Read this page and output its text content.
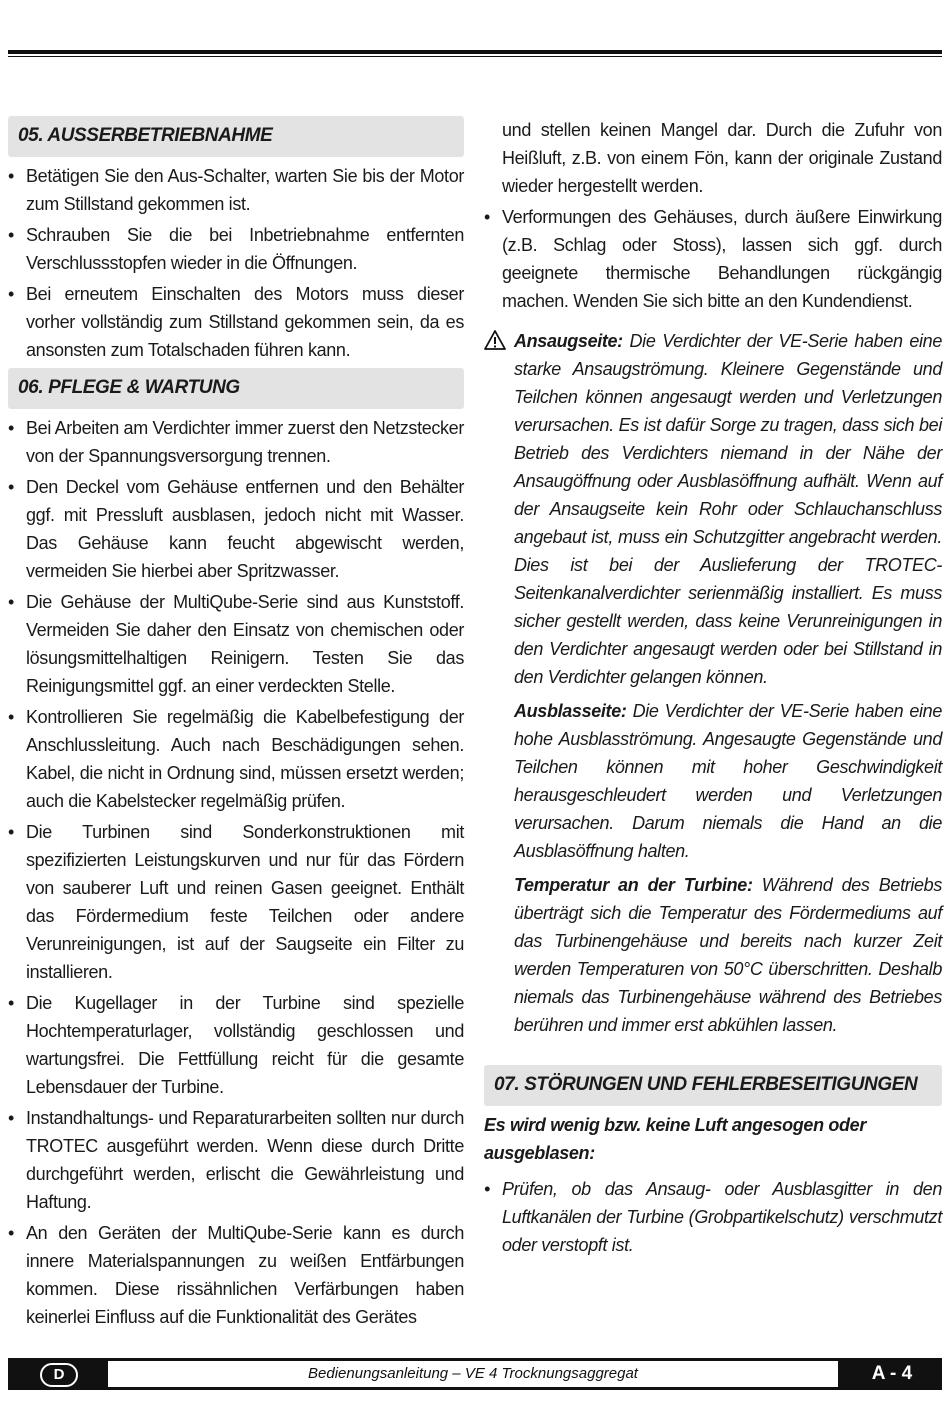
05. AUSSERBETRIEBNAHME
• Betätigen Sie den Aus-Schalter, warten Sie bis der Motor zum Stillstand gekommen ist.
• Schrauben Sie die bei Inbetriebnahme entfernten Verschlussstopfen wieder in die Öffnungen.
• Bei erneutem Einschalten des Motors muss dieser vorher vollständig zum Stillstand gekommen sein, da es ansonsten zum Totalschaden führen kann.
06. PFLEGE & WARTUNG
• Bei Arbeiten am Verdichter immer zuerst den Netzstecker von der Spannungsversorgung trennen.
• Den Deckel vom Gehäuse entfernen und den Behälter ggf. mit Pressluft ausblasen, jedoch nicht mit Wasser. Das Gehäuse kann feucht abgewischt werden, vermeiden Sie hierbei aber Spritzwasser.
• Die Gehäuse der MultiQube-Serie sind aus Kunststoff. Vermeiden Sie daher den Einsatz von chemischen oder lösungsmittelhaltigen Reinigern. Testen Sie das Reinigungsmittel ggf. an einer verdeckten Stelle.
• Kontrollieren Sie regelmäßig die Kabelbefestigung der Anschlussleitung. Auch nach Beschädigungen sehen. Kabel, die nicht in Ordnung sind, müssen ersetzt werden; auch die Kabelstecker regelmäßig prüfen.
• Die Turbinen sind Sonderkonstruktionen mit spezifizierten Leistungskurven und nur für das Fördern von sauberer Luft und reinen Gasen geeignet. Enthält das Fördermedium feste Teilchen oder andere Verunreinigungen, ist auf der Saugseite ein Filter zu installieren.
• Die Kugellager in der Turbine sind spezielle Hochtemperaturlager, vollständig geschlossen und wartungsfrei. Die Fettfüllung reicht für die gesamte Lebensdauer der Turbine.
• Instandhaltungs- und Reparaturarbeiten sollten nur durch TROTEC ausgeführt werden. Wenn diese durch Dritte durchgeführt werden, erlischt die Gewährleistung und Haftung.
• An den Geräten der MultiQube-Serie kann es durch innere Materialspannungen zu weißen Entfärbungen kommen. Diese rissähnlichen Verfärbungen haben keinerlei Einfluss auf die Funktionalität des Gerätes
und stellen keinen Mangel dar. Durch die Zufuhr von Heißluft, z.B. von einem Fön, kann der originale Zustand wieder hergestellt werden.
• Verformungen des Gehäuses, durch äußere Einwirkung (z.B. Schlag oder Stoss), lassen sich ggf. durch geeignete thermische Behandlungen rückgängig machen. Wenden Sie sich bitte an den Kundendienst.

Ansaugseite: Die Verdichter der VE-Serie haben eine starke Ansaugströmung. Kleinere Gegenstände und Teilchen können angesaugt werden und Verletzungen verursachen. Es ist dafür Sorge zu tragen, dass sich bei Betrieb des Verdichters niemand in der Nähe der Ansaugöffnung oder Ausblasöffnung aufhält. Wenn auf der Ansaugseite kein Rohr oder Schlauchanschluss angebaut ist, muss ein Schutzgitter angebracht werden. Dies ist bei der Auslieferung der TROTEC-Seitenkanalverdichter serienmäßig installiert. Es muss sicher gestellt werden, dass keine Verunreinigungen in den Verdichter angesaugt werden oder bei Stillstand in den Verdichter gelangen können.

Ausblasseite: Die Verdichter der VE-Serie haben eine hohe Ausblasströmung. Angesaugte Gegenstände und Teilchen können mit hoher Geschwindigkeit herausgeschleudert werden und Verletzungen verursachen. Darum niemals die Hand an die Ausblasöffnung halten.

Temperatur an der Turbine: Während des Betriebs überträgt sich die Temperatur des Fördermediums auf das Turbinengehäuse und bereits nach kurzer Zeit werden Temperaturen von 50°C überschritten. Deshalb niemals das Turbinengehäuse während des Betriebes berühren und immer erst abkühlen lassen.

07. STÖRUNGEN UND FEHLERBESEITIGUNGEN
Es wird wenig bzw. keine Luft angesogen oder ausgeblasen:
• Prüfen, ob das Ansaug- oder Ausblasgitter in den Luftkanälen der Turbine (Grobpartikelschutz) verschmutzt oder verstopft ist.
D	Bedienungsanleitung – VE 4 Trocknungsaggregat	A - 4
